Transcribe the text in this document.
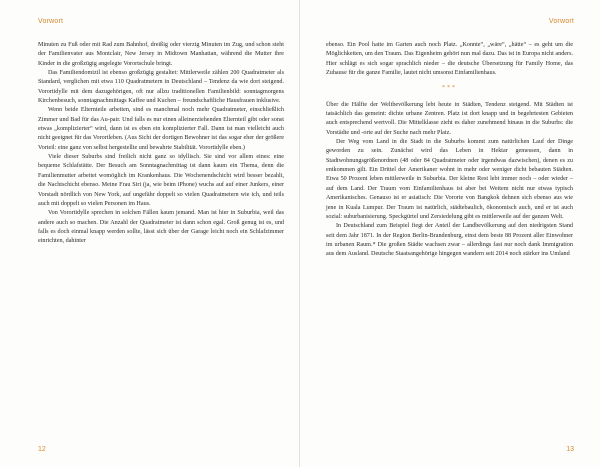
Vorwort

Minuten zu Fuß oder mit Rad zum Bahnhof, dreißig oder vierzig Minuten im Zug, und schon steht der Familienvater aus Montclair, New Jersey in Midtown Manhattan, während die Mutter ihre Kinder in die großzügig angelegte Vorortschule bringt.

Das Familiendomizil ist ebenso großzügig gestaltet: Mittlerweile zählen 200 Quadratmeter als Standard, verglichen mit etwa 110 Quadratmetern in Deutschland – Tendenz da wie dort steigend. Vorortidylle mit dem dazugehörigen, oft nur allzu traditionellen Familienbild: sonntagmorgens Kirchenbesuch, sonntagnachmittags Kaffee und Kuchen – freundschaftliche Hausfrauen inklusive.

Wenn beide Elternteile arbeiten, sind es manchmal noch mehr Quadratmeter, einschließlich Zimmer und Bad für das Au-pair. Und falls es nur einen alleinerziehenden Elternteil gibt oder sonst etwas „komplizierter“ wird, dann ist es eben ein komplizierter Fall. Dann ist man vielleicht auch nicht geeignet für das Vorortleben. (Aus Sicht der dortigen Bewohner ist das sogar eher der größere Vorteil: eine ganz von selbst hergestellte und bewahrte Stabilität. Vorortidylle eben.)

Viele dieser Suburbs sind freilich nicht ganz so idyllisch. Sie sind vor allem eines: eine bequeme Schlafstätte. Der Besuch am Sonntagnachmittag ist dann kaum ein Thema, denn die Familienmutter arbeitet womöglich im Krankenhaus. Die Wochenendschicht wird besser bezahlt, die Nachtschicht ebenso. Meine Frau Siri (ja, wie beim iPhone) wuchs auf auf einer Junkers, einer Vorstadt nördlich von New York, auf ungefähr doppelt so vielen Quadratmetern wie ich, und teils auch mit doppelt so vielen Personen im Haus.

Von Vorortidylle sprechen in solchen Fällen kaum jemand. Man ist hier in Suburbia, weil das andere auch so machen. Die Anzahl der Quadratmeter ist dann schon egal. Groß genug ist es, und falls es doch einmal knapp werden sollte, lässt sich über der Garage leicht noch ein Schlafzimmer einrichten, dahinter

12
Vorwort

ebenso. Ein Pool hatte im Garten auch noch Platz. „Konnte“, „wäre“, „hätte“ – es geht um die Möglichkeiten, um den Traum. Das Eigenheim gehört nun mal dazu. Das ist in Europa nicht anders. Hier schlägt es sich sogar sprachlich nieder – die deutsche Übersetzung für Family Home, das Zuhause für die ganze Familie, lautet nicht umsonst Einfamilienhaus.

***

Über die Hälfte der Weltbevölkerung lebt heute in Städten, Tendenz steigend. Mit Städten ist tatsächlich das gemeint: dichte urbane Zentren. Platz ist dort knapp und in begehrtesten Gebieten auch entsprechend wertvoll. Die Mittelklasse zieht es daher zunehmend hinaus in die Suburbs: die Vorstädte und -orte auf der Suche nach mehr Platz.

Der Weg vom Land in die Stadt in die Suburbs kommt zum natürlichen Lauf der Dinge geworden zu sein. Zunächst wird das Leben in Hektar gemessen, dann in Stadtwohnungsgrößenordnen (48 oder 84 Quadratmeter oder irgendwas dazwischen), denen es zu entkommen gilt. Ein Drittel der Amerikaner wohnt in mehr oder weniger dicht bebauten Städten. Etwa 50 Prozent leben mittlerweile in Suburbia. Der kleine Rest lebt immer noch – oder wieder – auf dem Land. Der Traum vom Einfamilienhaus ist aber bei Weitem nicht nur etwas typisch Amerikanisches. Genauso ist er asiatisch: Die Vororte von Bangkok dehnen sich ebenso aus wie jene in Kuala Lumpur. Der Traum ist natürlich, städtebaulich, ökonomisch auch, und er ist auch sozial: suburbanisierung. Speckgürtel und Zersiedelung gibt es mittlerweile auf der ganzen Welt.

In Deutschland zum Beispiel fiegt der Anteil der Landbevölkerung auf den niedrigsten Stand seit dem Jahr 1871. In der Region Berlin-Brandenburg, einst dem beste 88 Prozent aller Einwohner im urbanen Raum.* Die großen Städte wachsen zwar – allerdings fast nur noch dank Immigration aus dem Ausland. Deutsche Staatsangehörige hingegen wandern seit 2014 noch stärker ins Umland

13
